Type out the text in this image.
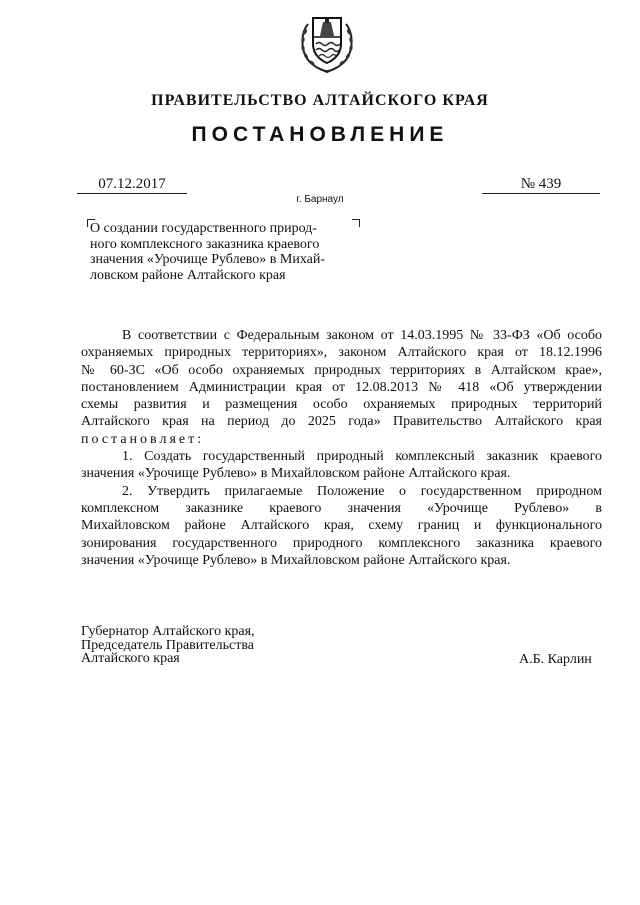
ПРАВИТЕЛЬСТВО АЛТАЙСКОГО КРАЯ
ПОСТАНОВЛЕНИЕ
07.12.2017	№ 439
г. Барнаул
О создании государственного природ-
ного комплексного заказника краевого
значения «Урочище Рублево» в Михай-
ловском районе Алтайского края
В соответствии с Федеральным законом от 14.03.1995 № 33-ФЗ «Об особо
охраняемых природных территориях», законом Алтайского края от 18.12.1996
№ 60-ЗС «Об особо охраняемых природных территориях в Алтайском крае»,
постановлением Администрации края от 12.08.2013 № 418 «Об утверждении
схемы развития и размещения особо охраняемых природных территорий
Алтайского края на период до 2025 года» Правительство Алтайского края
постановляет:
1. Создать государственный природный комплексный заказник краевого
значения «Урочище Рублево» в Михайловском районе Алтайского края.
2. Утвердить прилагаемые Положение о государственном природном
комплексном заказнике краевого значения «Урочище Рублево» в
Михайловском районе Алтайского края, схему границ и функционального
зонирования государственного природного комплексного заказника краевого
значения «Урочище Рублево» в Михайловском районе Алтайского края.
Губернатор Алтайского края,
Председатель Правительства
Алтайского края	А.Б. Карлин
